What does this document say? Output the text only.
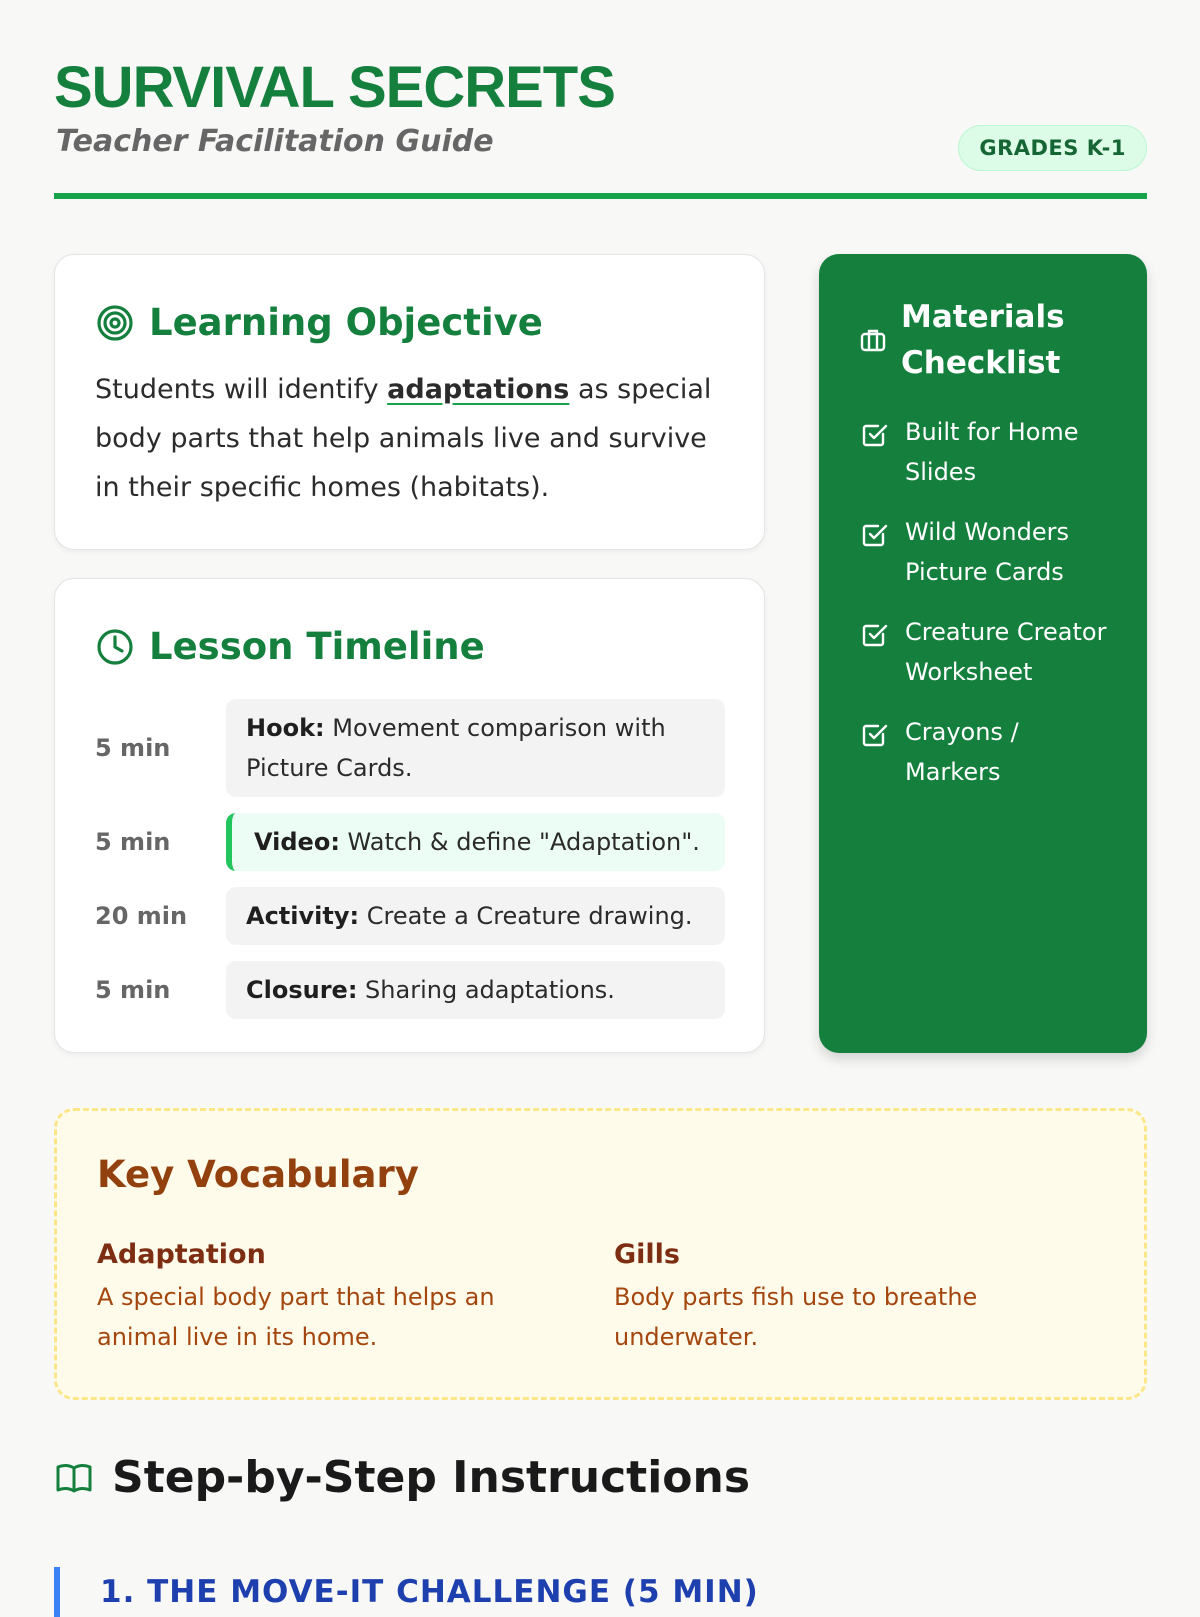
SURVIVAL SECRETS

Teacher Facilitation Guide	GRADES K-1
Learning Objective

Students will identify adaptations as special body parts that help animals live and survive in their specific homes (habitats).

Lesson Timeline
5 min
Hook: Movement comparison with Picture Cards.
5 min	Video: Watch & define "Adaptation".
20 min	Activity: Create a Creature drawing.
5 min	Closure: Sharing adaptations.
Materials Checklist
Built for Home Slides
Wild Wonders Picture Cards
Creature Creator Worksheet
Crayons / Markers
Key Vocabulary
Adaptation

A special body part that helps an animal live in its home.

Gills

Body parts fish use to breathe underwater.

Step-by-Step Instructions
1. THE MOVE-IT CHALLENGE (5 MIN)
